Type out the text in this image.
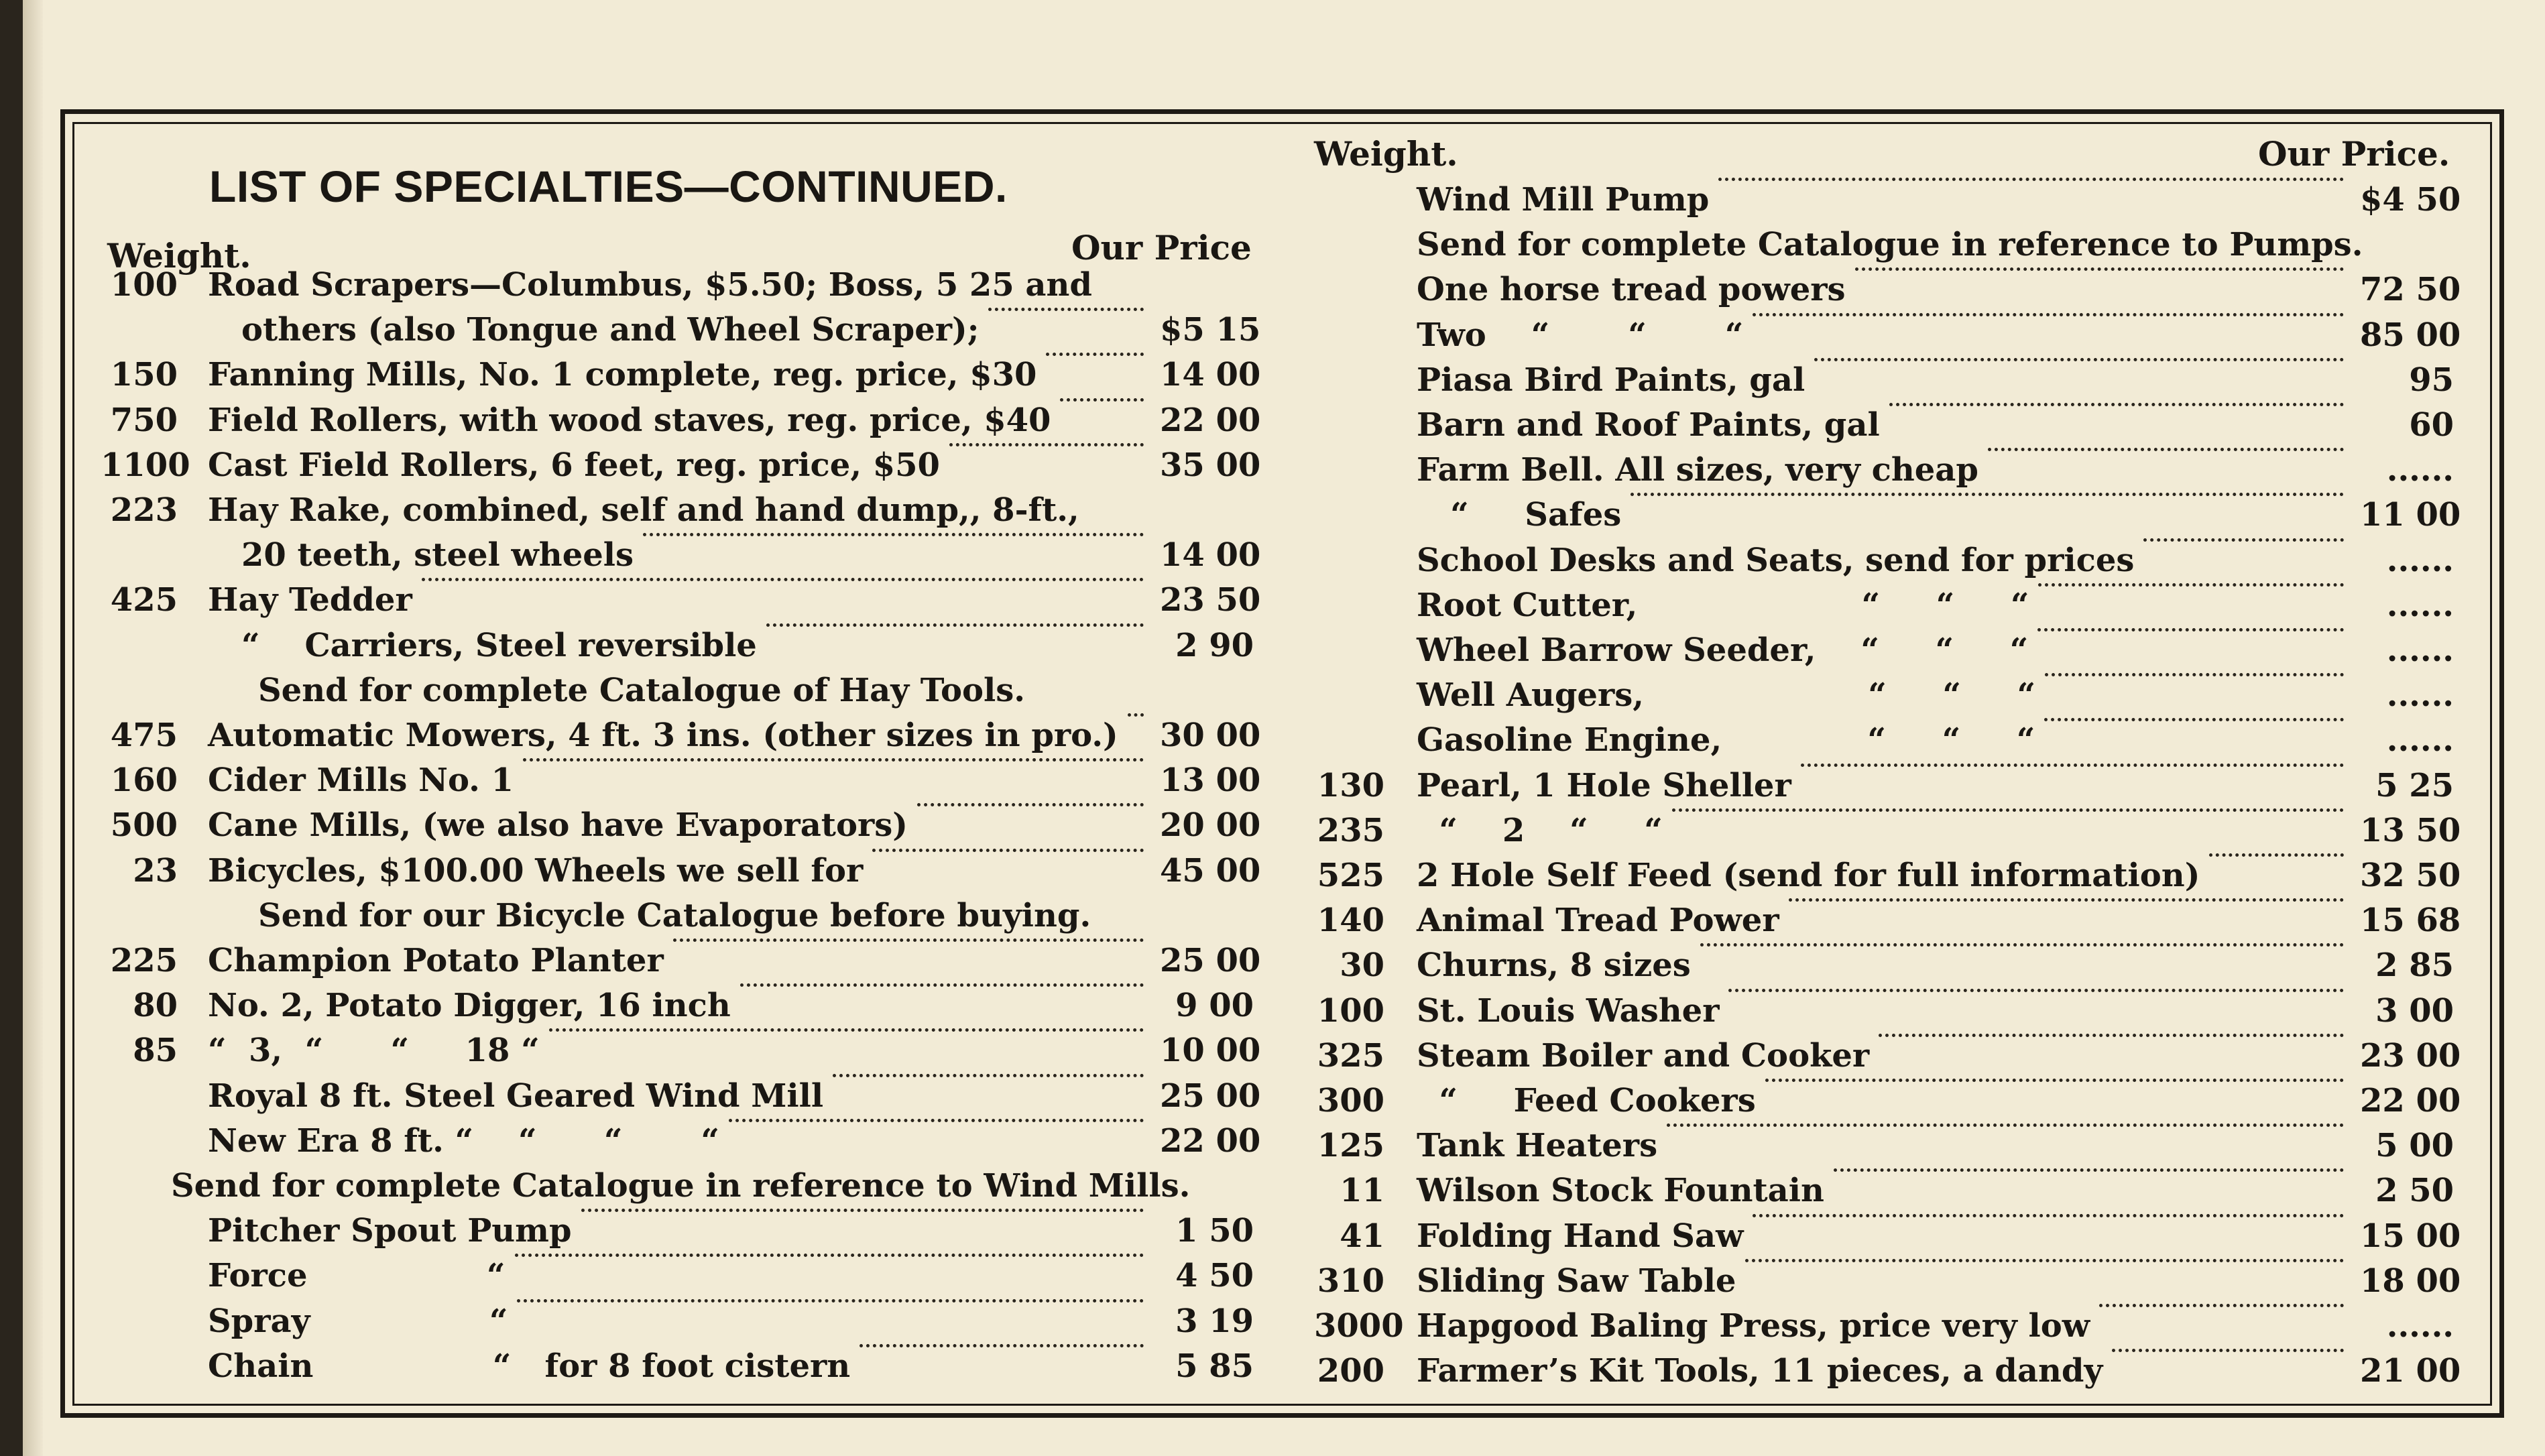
LIST OF SPECIALTIES—CONTINUED.
Weight.	Our Price
Weight.	Our Price.
100 Road Scrapers—Columbus, $5.50; Boss, 5 25 and
others (also Tongue and Wheel Scraper);	$5 15
150 Fanning Mills, No. 1 complete, reg. price, $30	14 00
750 Field Rollers, with wood staves, reg. price, $40	22 00
1100 Cast Field Rollers, 6 feet, reg. price, $50	35 00
223 Hay Rake, combined, self and hand dump,, 8-ft.,
20 teeth, steel wheels	14 00
425 Hay Tedder	23 50
“    Carriers, Steel reversible	2 90
Send for complete Catalogue of Hay Tools.
475 Automatic Mowers, 4 ft. 3 ins. (other sizes in pro.) 30 00
160 Cider Mills No. 1	13 00
500 Cane Mills, (we also have Evaporators)	20 00
23 Bicycles, $100.00 Wheels we sell for	45 00
Send for our Bicycle Catalogue before buying.
225 Champion Potato Planter	25 00
80 No. 2, Potato Digger, 16 inch	9 00
85 “  3,  “      “     18 “	10 00
Royal 8 ft. Steel Geared Wind Mill	25 00
New Era 8 ft. “    “      “       “	22 00
Send for complete Catalogue in reference to Wind Mills.
Pitcher Spout Pump	1 50
Force                “	4 50
Spray                “	3 19
Chain                “   for 8 foot cistern	5 85
Wind Mill Pump	$4 50
Send for complete Catalogue in reference to Pumps.
One horse tread powers	72 50
Two    “       “       “	85 00
Piasa Bird Paints, gal	95
Barn and Roof Paints, gal	60
Farm Bell. All sizes, very cheap	......
“     Safes	11 00
School Desks and Seats, send for prices	......
Root Cutter,                    “     “     “	......
Wheel Barrow Seeder,    “     “     “	......
Well Augers,                    “     “     “	......
Gasoline Engine,             “     “     “	......
130 Pearl, 1 Hole Sheller	5 25
235 “    2    “     “	13 50
525 2 Hole Self Feed (send for full information)	32 50
140 Animal Tread Power	15 68
30 Churns, 8 sizes	2 85
100 St. Louis Washer	3 00
325 Steam Boiler and Cooker	23 00
300 “     Feed Cookers	22 00
125 Tank Heaters	5 00
11 Wilson Stock Fountain	2 50
41 Folding Hand Saw	15 00
310 Sliding Saw Table	18 00
3000 Hapgood Baling Press, price very low	......
200 Farmer’s Kit Tools, 11 pieces, a dandy	21 00
